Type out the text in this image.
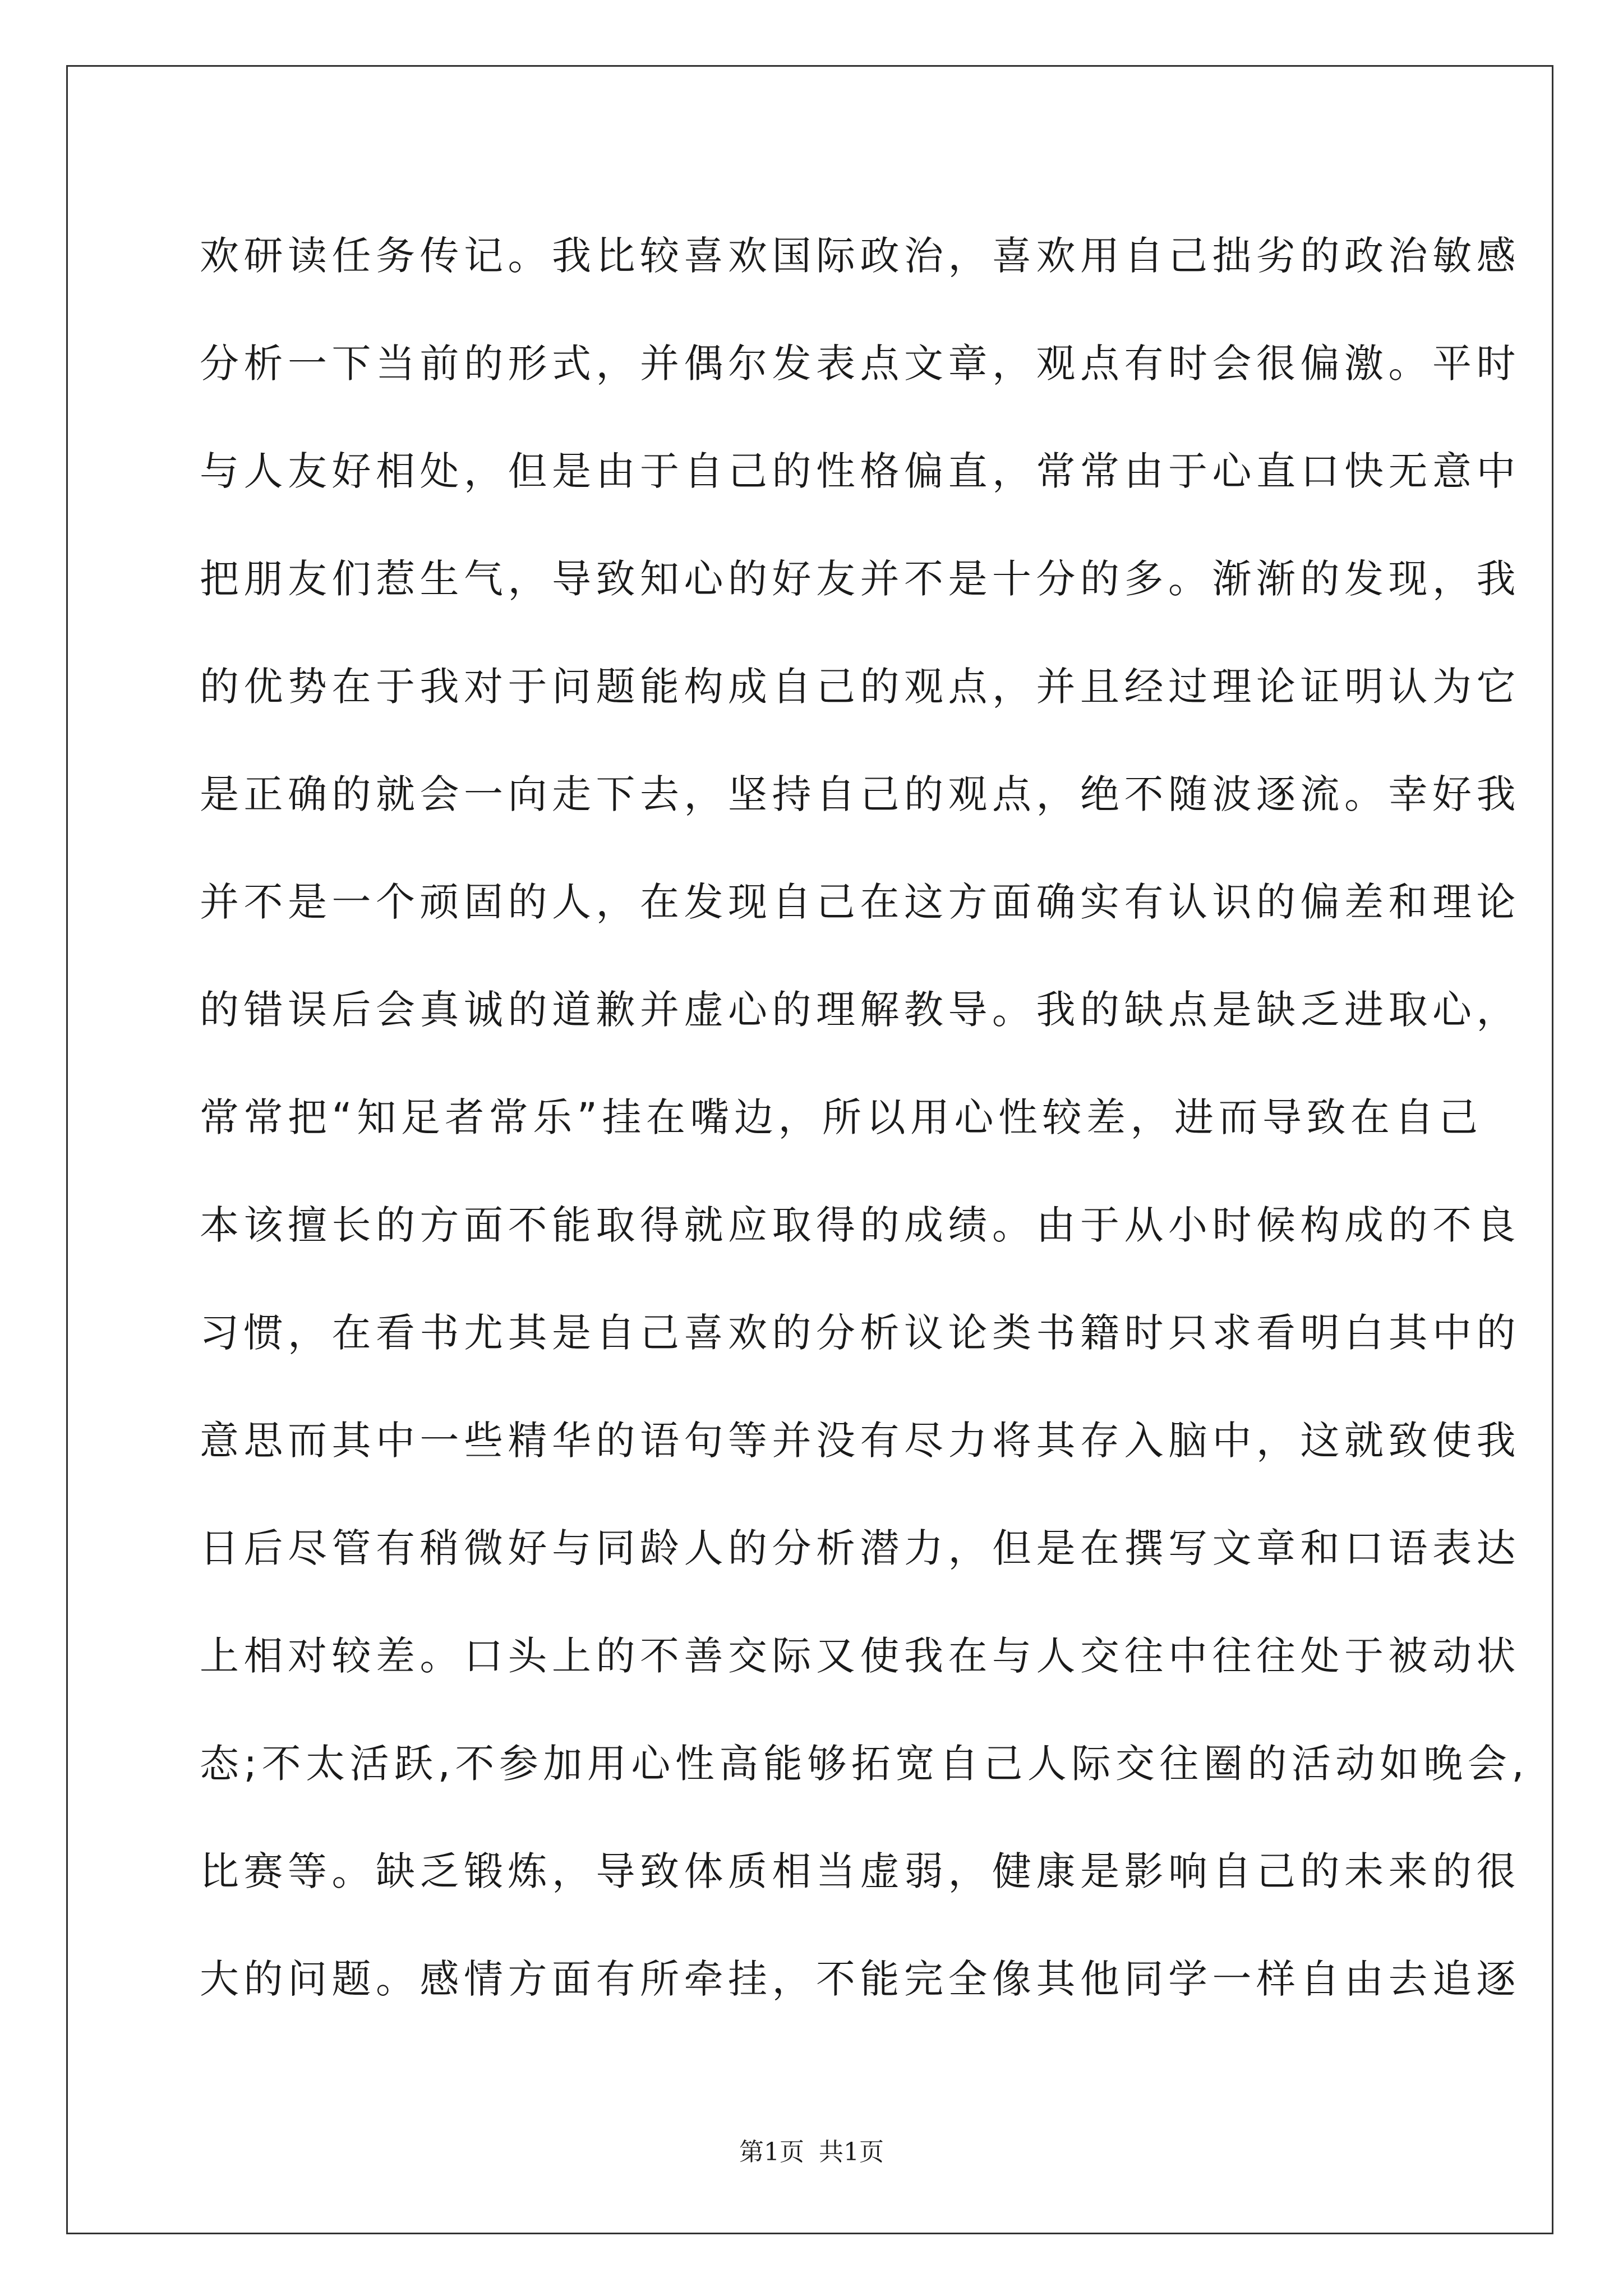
欢研读任务传记。我比较喜欢国际政治，喜欢用自己拙劣的政治敏感
分析一下当前的形式，并偶尔发表点文章，观点有时会很偏激。平时
与人友好相处，但是由于自己的性格偏直，常常由于心直口快无意中
把朋友们惹生气，导致知心的好友并不是十分的多。渐渐的发现，我
的优势在于我对于问题能构成自己的观点，并且经过理论证明认为它
是正确的就会一向走下去，坚持自己的观点，绝不随波逐流。幸好我
并不是一个顽固的人，在发现自己在这方面确实有认识的偏差和理论
的错误后会真诚的道歉并虚心的理解教导。我的缺点是缺乏进取心，
常常把“知足者常乐”挂在嘴边，所以用心性较差，进而导致在自己
本该擅长的方面不能取得就应取得的成绩。由于从小时候构成的不良
习惯，在看书尤其是自己喜欢的分析议论类书籍时只求看明白其中的
意思而其中一些精华的语句等并没有尽力将其存入脑中，这就致使我
日后尽管有稍微好与同龄人的分析潜力，但是在撰写文章和口语表达
上相对较差。口头上的不善交际又使我在与人交往中往往处于被动状
态;不太活跃,不参加用心性高能够拓宽自己人际交往圈的活动如晚会,
比赛等。缺乏锻炼，导致体质相当虚弱，健康是影响自己的未来的很
大的问题。感情方面有所牵挂，不能完全像其他同学一样自由去追逐
第1页 共1页
